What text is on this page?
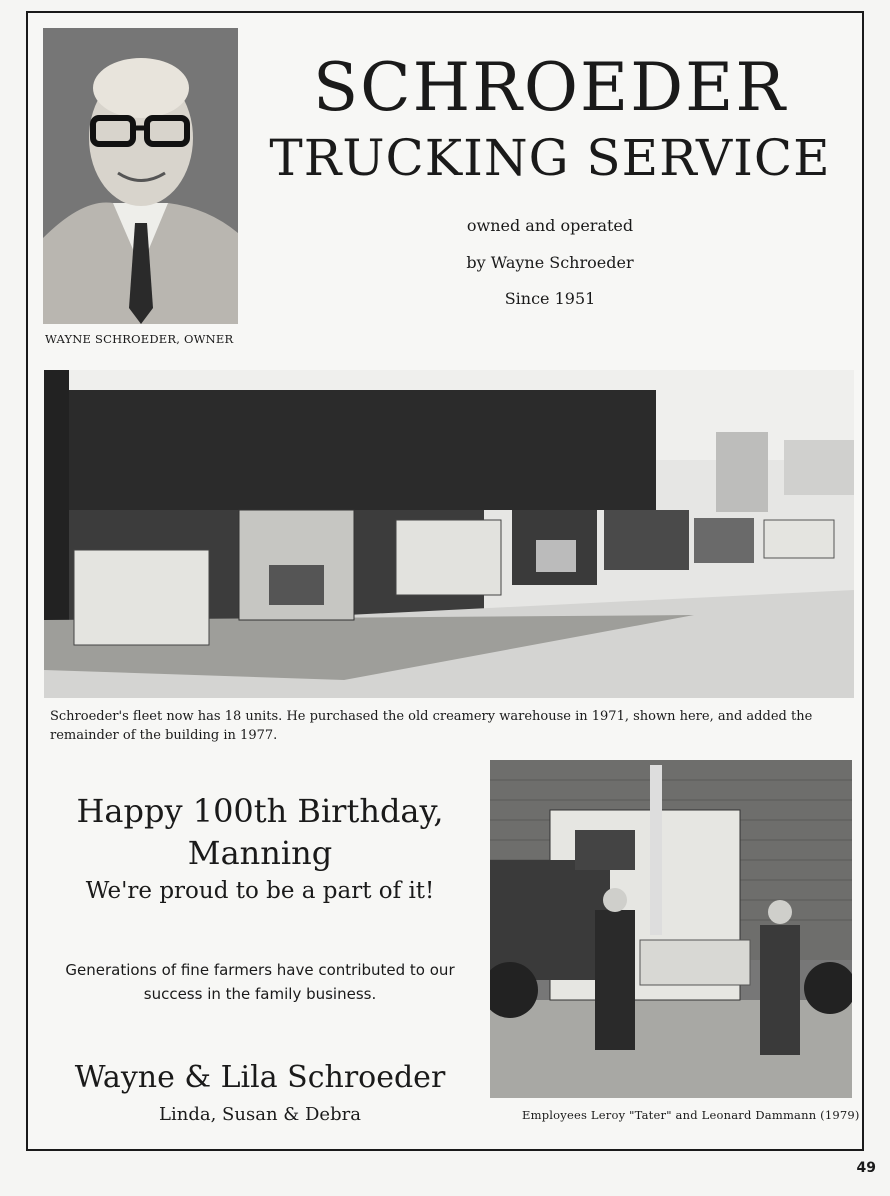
WAYNE SCHROEDER, OWNER
SCHROEDER
TRUCKING SERVICE
owned and operated
by Wayne Schroeder
Since 1951
Schroeder's fleet now has 18 units. He purchased the old creamery warehouse in 1971, shown here, and added the remainder of the building in 1977.
Happy 100th Birthday,
Manning
We're proud to be a part of it!
Generations of fine farmers have contributed to our success in the family business.
Wayne & Lila Schroeder
Linda, Susan & Debra	Employees Leroy "Tater" and Leonard Dammann (1979)
49
